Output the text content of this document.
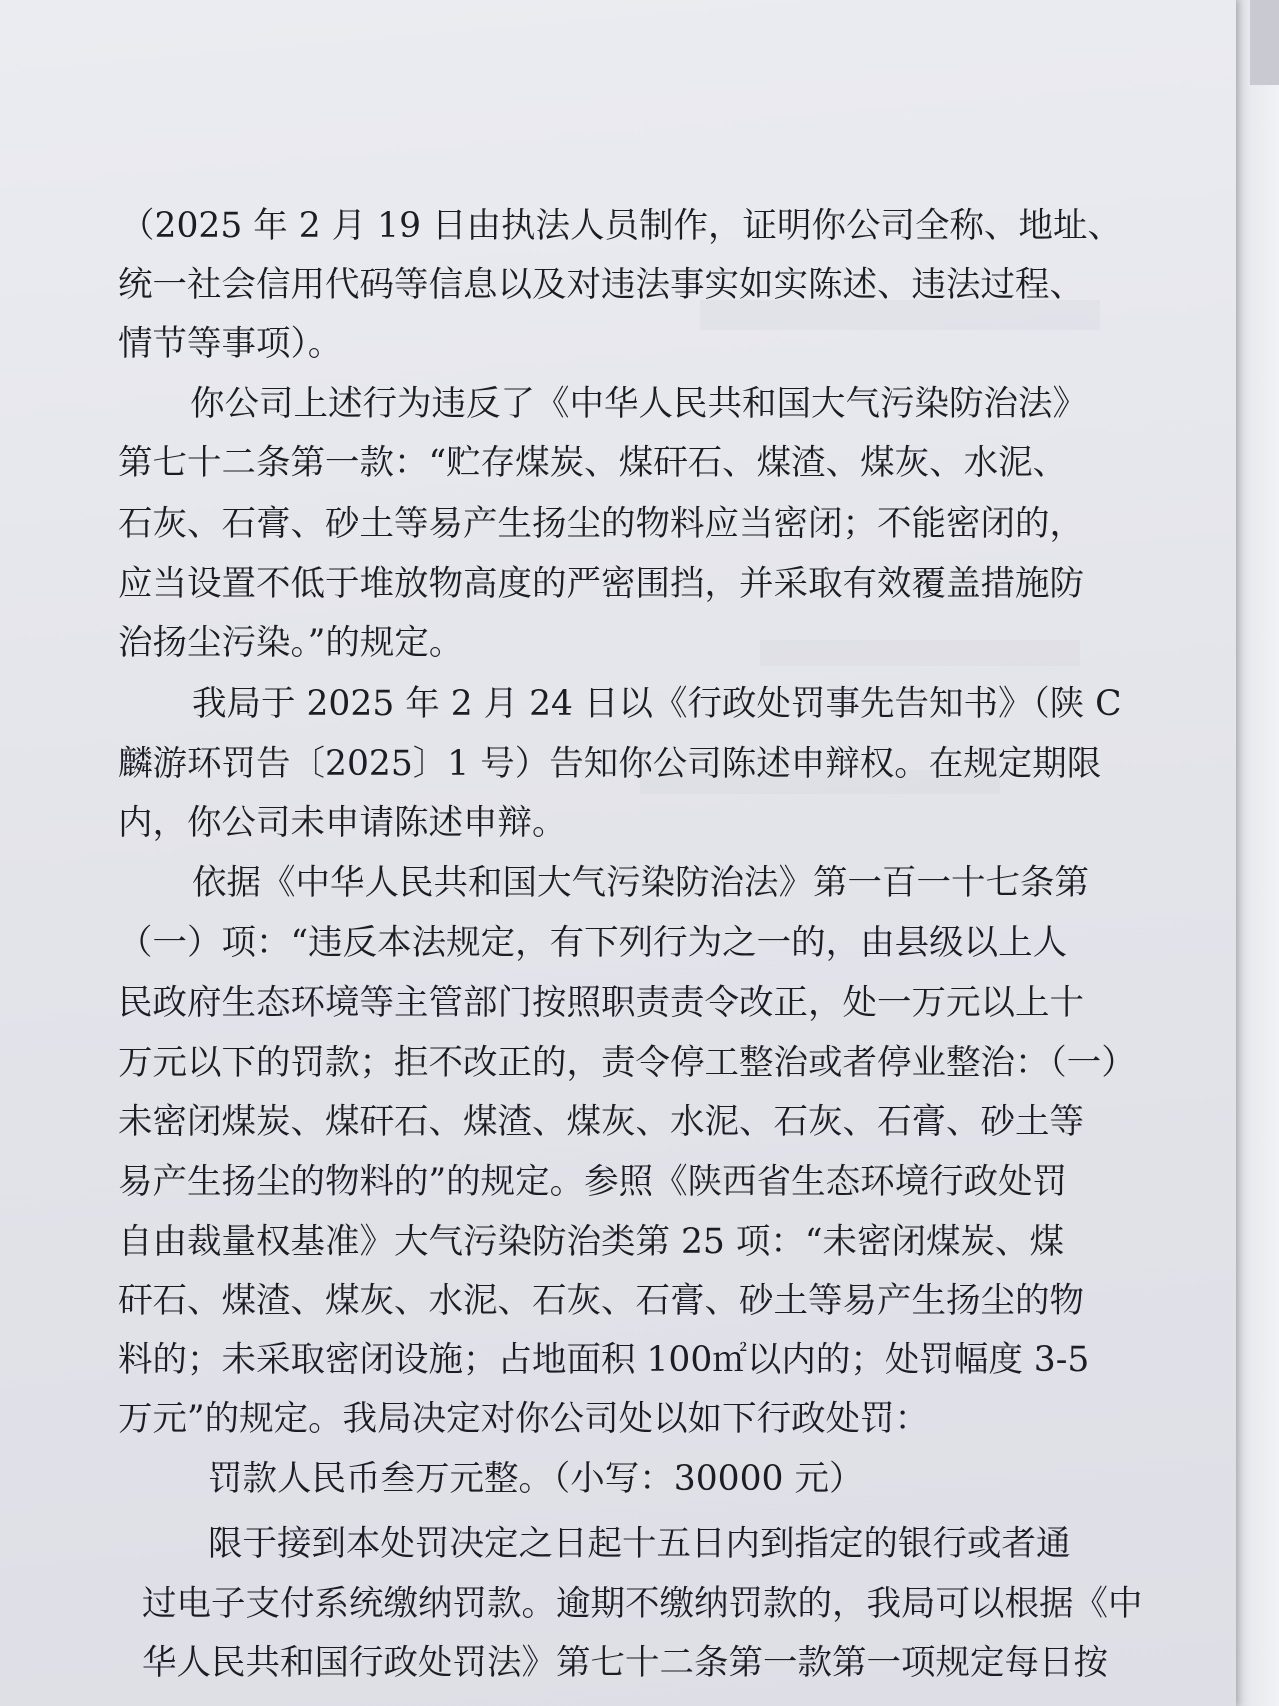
（2025 年 2 月 19 日由执法人员制作，证明你公司全称、地址、
统一社会信用代码等信息以及对违法事实如实陈述、违法过程、
情节等事项）。
你公司上述行为违反了《中华人民共和国大气污染防治法》
第七十二条第一款：“贮存煤炭、煤矸石、煤渣、煤灰、水泥、
石灰、石膏、砂土等易产生扬尘的物料应当密闭；不能密闭的，
应当设置不低于堆放物高度的严密围挡，并采取有效覆盖措施防
治扬尘污染。”的规定。
我局于 2025 年 2 月 24 日以《行政处罚事先告知书》（陕 C
麟游环罚告〔2025〕1 号）告知你公司陈述申辩权。在规定期限
内，你公司未申请陈述申辩。
依据《中华人民共和国大气污染防治法》第一百一十七条第
（一）项：“违反本法规定，有下列行为之一的，由县级以上人
民政府生态环境等主管部门按照职责责令改正，处一万元以上十
万元以下的罚款；拒不改正的，责令停工整治或者停业整治：（一）
未密闭煤炭、煤矸石、煤渣、煤灰、水泥、石灰、石膏、砂土等
易产生扬尘的物料的”的规定。参照《陕西省生态环境行政处罚
自由裁量权基准》大气污染防治类第 25 项：“未密闭煤炭、煤
矸石、煤渣、煤灰、水泥、石灰、石膏、砂土等易产生扬尘的物
料的；未采取密闭设施；占地面积 100㎡以内的；处罚幅度 3-5
万元”的规定。我局决定对你公司处以如下行政处罚：
罚款人民币叁万元整。（小写：30000 元）
限于接到本处罚决定之日起十五日内到指定的银行或者通
过电子支付系统缴纳罚款。逾期不缴纳罚款的，我局可以根据《中
华人民共和国行政处罚法》第七十二条第一款第一项规定每日按
